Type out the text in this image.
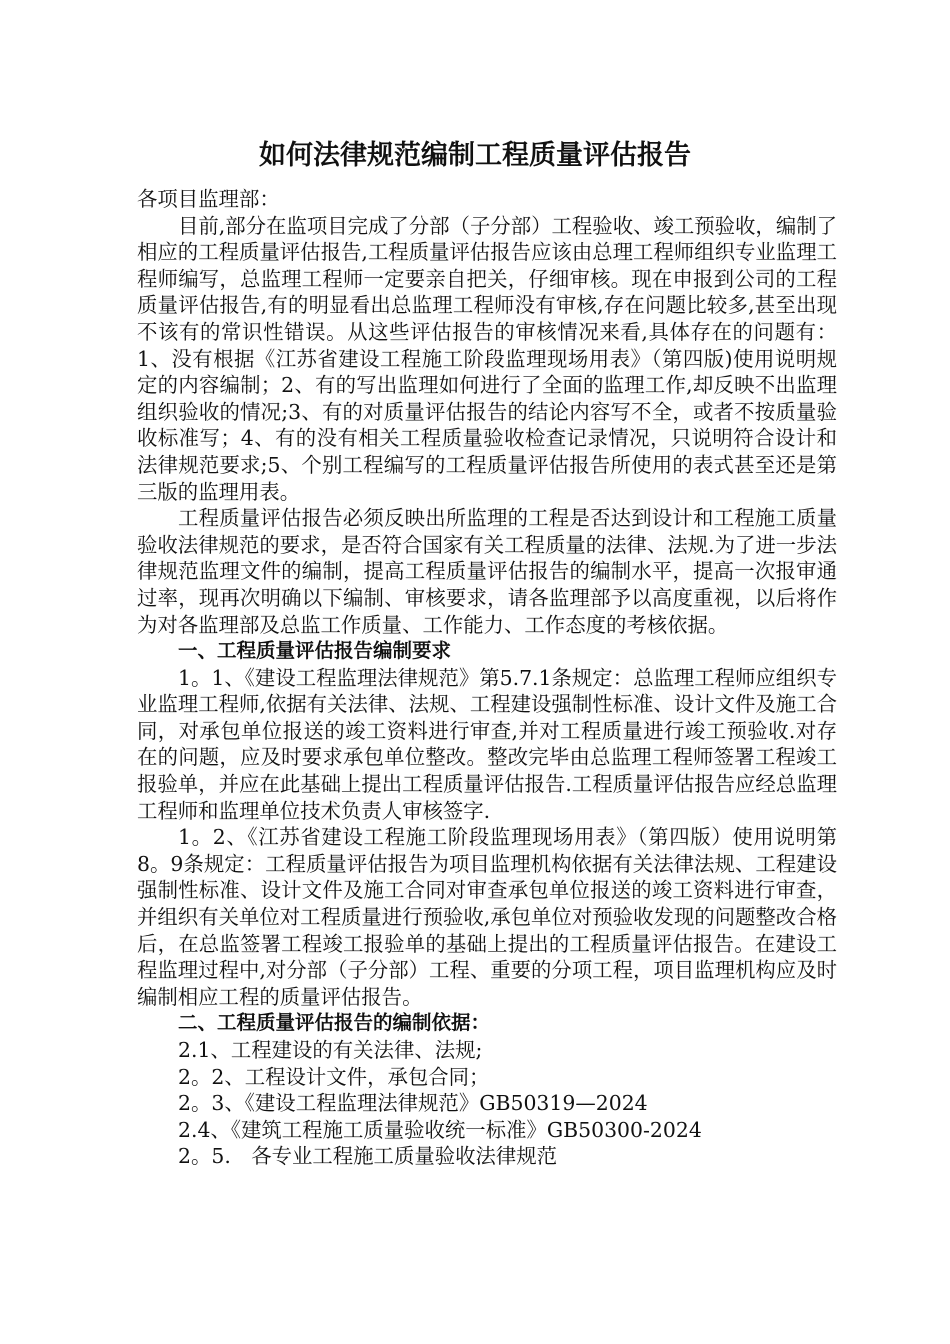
如何法律规范编制工程质量评估报告

各项目监理部：

目前,部分在监项目完成了分部（子分部）工程验收、竣工预验收，编制了相应的工程质量评估报告,工程质量评估报告应该由总理工程师组织专业监理工程师编写，总监理工程师一定要亲自把关，仔细审核。现在申报到公司的工程质量评估报告,有的明显看出总监理工程师没有审核,存在问题比较多,甚至出现不该有的常识性错误。从这些评估报告的审核情况来看,具体存在的问题有：1、没有根据《江苏省建设工程施工阶段监理现场用表》（第四版)使用说明规定的内容编制；2、有的写出监理如何进行了全面的监理工作,却反映不出监理组织验收的情况;3、有的对质量评估报告的结论内容写不全，或者不按质量验收标准写；4、有的没有相关工程质量验收检查记录情况，只说明符合设计和法律规范要求;5、个别工程编写的工程质量评估报告所使用的表式甚至还是第三版的监理用表。

工程质量评估报告必须反映出所监理的工程是否达到设计和工程施工质量验收法律规范的要求，是否符合国家有关工程质量的法律、法规.为了进一步法律规范监理文件的编制，提高工程质量评估报告的编制水平，提高一次报审通过率，现再次明确以下编制、审核要求，请各监理部予以高度重视，以后将作为对各监理部及总监工作质量、工作能力、工作态度的考核依据。

一、工程质量评估报告编制要求

1。1、《建设工程监理法律规范》第5.7.1条规定：总监理工程师应组织专业监理工程师,依据有关法律、法规、工程建设强制性标准、设计文件及施工合同，对承包单位报送的竣工资料进行审查,并对工程质量进行竣工预验收.对存在的问题，应及时要求承包单位整改。整改完毕由总监理工程师签署工程竣工报验单，并应在此基础上提出工程质量评估报告.工程质量评估报告应经总监理工程师和监理单位技术负责人审核签字.

1。2、《江苏省建设工程施工阶段监理现场用表》（第四版）使用说明第8。9条规定：工程质量评估报告为项目监理机构依据有关法律法规、工程建设强制性标准、设计文件及施工合同对审查承包单位报送的竣工资料进行审查，并组织有关单位对工程质量进行预验收,承包单位对预验收发现的问题整改合格后，在总监签署工程竣工报验单的基础上提出的工程质量评估报告。在建设工程监理过程中,对分部（子分部）工程、重要的分项工程，项目监理机构应及时编制相应工程的质量评估报告。

二、工程质量评估报告的编制依据：

2.1、工程建设的有关法律、法规;

2。2、工程设计文件，承包合同；

2。3、《建设工程监理法律规范》GB50319—2024

2.4、《建筑工程施工质量验收统一标准》GB50300-2024

2。5.　各专业工程施工质量验收法律规范
